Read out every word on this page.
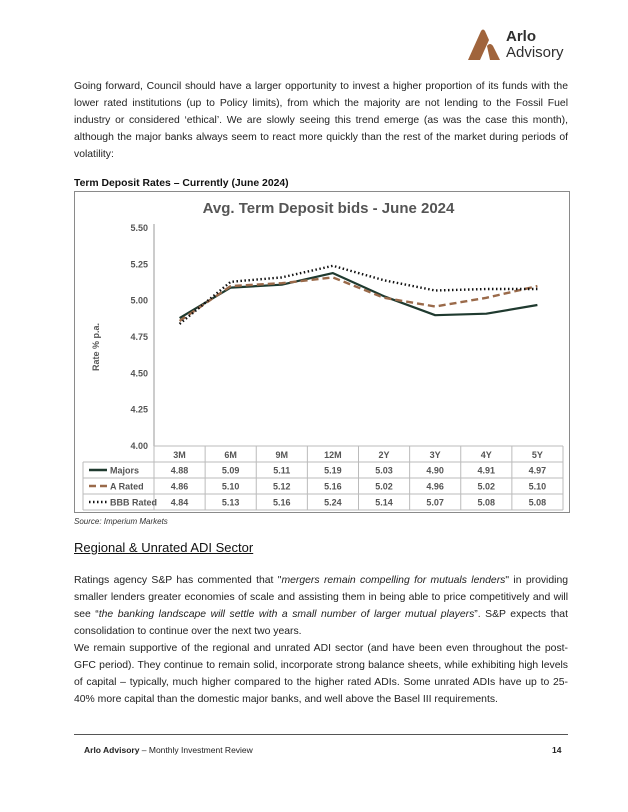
Arlo
Advisory

Going forward, Council should have a larger opportunity to invest a higher proportion of its funds with the lower rated institutions (up to Policy limits), from which the majority are not lending to the Fossil Fuel industry or considered ‘ethical’. We are slowly seeing this trend emerge (as was the case this month), although the major banks always seem to react more quickly than the rest of the market during periods of volatility:

Term Deposit Rates – Currently (June 2024)
Avg. Term Deposit bids - June 2024
5.50
5.25
5.00
4.75
4.50
4.25
4.00
Rate % p.a.
3M	6M	9M	12M	2Y	3Y	4Y	5Y
Majors	4.88	5.09	5.11	5.19	5.03	4.90	4.91	4.97
A Rated	4.86	5.10	5.12	5.16	5.02	4.96	5.02	5.10
BBB Rated 4.84	5.13	5.16	5.24	5.14	5.07	5.08	5.08
Source: Imperium Markets
Regional & Unrated ADI Sector

Ratings agency S&P has commented that "mergers remain compelling for mutuals lenders" in providing smaller lenders greater economies of scale and assisting them in being able to price competitively and will see “the banking landscape will settle with a small number of larger mutual players”. S&P expects that consolidation to continue over the next two years.

We remain supportive of the regional and unrated ADI sector (and have been even throughout the post-GFC period). They continue to remain solid, incorporate strong balance sheets, while exhibiting high levels of capital – typically, much higher compared to the higher rated ADIs. Some unrated ADIs have up to 25-40% more capital than the domestic major banks, and well above the Basel III requirements.

Arlo Advisory – Monthly Investment Review	14
